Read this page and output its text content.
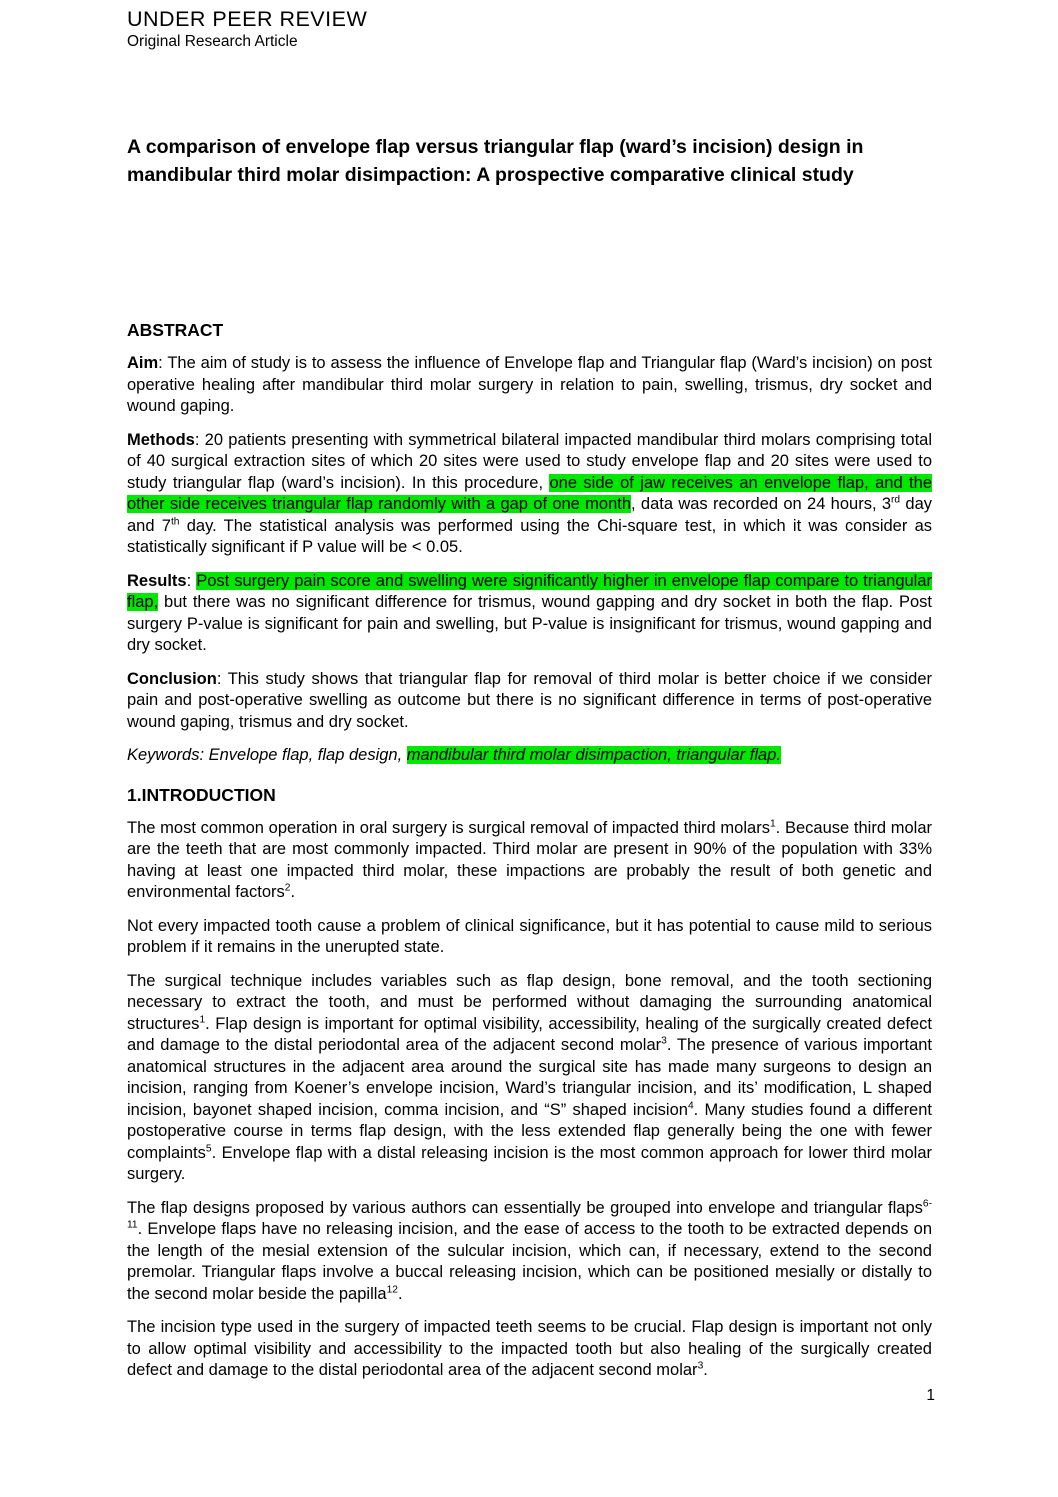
UNDER PEER REVIEW
Original Research Article
A comparison of envelope flap versus triangular flap (ward’s incision) design in mandibular third molar disimpaction: A prospective comparative clinical study
ABSTRACT

Aim: The aim of study is to assess the influence of Envelope flap and Triangular flap (Ward’s incision) on post operative healing after mandibular third molar surgery in relation to pain, swelling, trismus, dry socket and wound gaping.

Methods: 20 patients presenting with symmetrical bilateral impacted mandibular third molars comprising total of 40 surgical extraction sites of which 20 sites were used to study envelope flap and 20 sites were used to study triangular flap (ward’s incision). In this procedure, one side of jaw receives an envelope flap, and the other side receives triangular flap randomly with a gap of one month, data was recorded on 24 hours, 3rd day and 7th day. The statistical analysis was performed using the Chi-square test, in which it was consider as statistically significant if P value will be < 0.05.

Results: Post surgery pain score and swelling were significantly higher in envelope flap compare to triangular flap, but there was no significant difference for trismus, wound gapping and dry socket in both the flap. Post surgery P-value is significant for pain and swelling, but P-value is insignificant for trismus, wound gapping and dry socket.

Conclusion: This study shows that triangular flap for removal of third molar is better choice if we consider pain and post-operative swelling as outcome but there is no significant difference in terms of post-operative wound gaping, trismus and dry socket.

Keywords: Envelope flap, flap design, mandibular third molar disimpaction, triangular flap.

1.INTRODUCTION

The most common operation in oral surgery is surgical removal of impacted third molars$^1$. Because third molar are the teeth that are most commonly impacted. Third molar are present in 90% of the population with 33% having at least one impacted third molar, these impactions are probably the result of both genetic and environmental factors$^2$.

Not every impacted tooth cause a problem of clinical significance, but it has potential to cause mild to serious problem if it remains in the unerupted state.

The surgical technique includes variables such as flap design, bone removal, and the tooth sectioning necessary to extract the tooth, and must be performed without damaging the surrounding anatomical structures$^1$. Flap design is important for optimal visibility, accessibility, healing of the surgically created defect and damage to the distal periodontal area of the adjacent second molar$^3$. The presence of various important anatomical structures in the adjacent area around the surgical site has made many surgeons to design an incision, ranging from Koener’s envelope incision, Ward’s triangular incision, and its’ modification, L shaped incision, bayonet shaped incision, comma incision, and “S” shaped incision$^4$. Many studies found a different postoperative course in terms flap design, with the less extended flap generally being the one with fewer complaints$^5$. Envelope flap with a distal releasing incision is the most common approach for lower third molar surgery.

The flap designs proposed by various authors can essentially be grouped into envelope and triangular flaps$^{6-11}$. Envelope flaps have no releasing incision, and the ease of access to the tooth to be extracted depends on the length of the mesial extension of the sulcular incision, which can, if necessary, extend to the second premolar. Triangular flaps involve a buccal releasing incision, which can be positioned mesially or distally to the second molar beside the papilla$^{12}$.

The incision type used in the surgery of impacted teeth seems to be crucial. Flap design is important not only to allow optimal visibility and accessibility to the impacted tooth but also healing of the surgically created defect and damage to the distal periodontal area of the adjacent second molar$^3$.

1
